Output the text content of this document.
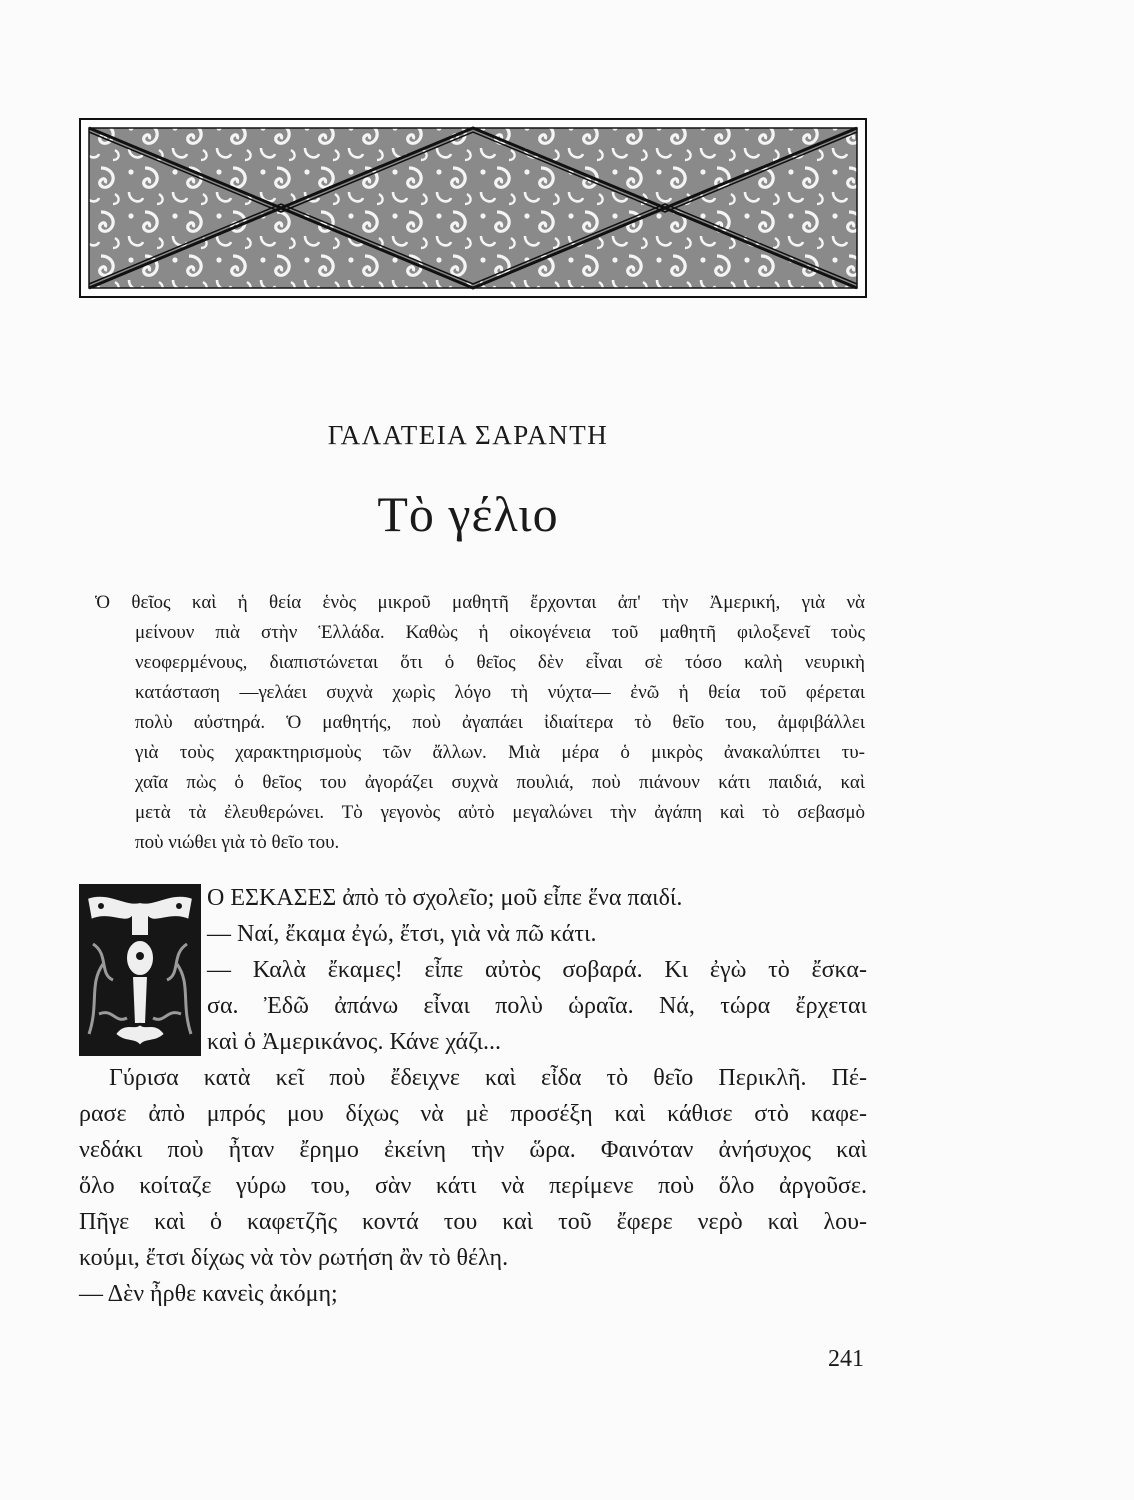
ΓΑΛΑΤΕΙΑ ΣΑΡΑΝΤΗ
Τὸ γέλιο
Ὁ θεῖος καὶ ἡ θεία ἑνὸς μικροῦ μαθητῆ ἔρχονται ἀπ' τὴν Ἀμερική, γιὰ νὰ
μείνουν πιὰ στὴν Ἑλλάδα. Καθὼς ἡ οἰκογένεια τοῦ μαθητῆ φιλοξενεῖ τοὺς
νεοφερμένους, διαπιστώνεται ὅτι ὁ θεῖος δὲν εἶναι σὲ τόσο καλὴ νευρικὴ
κατάσταση —γελάει συχνὰ χωρὶς λόγο τὴ νύχτα— ἐνῶ ἡ θεία τοῦ φέρεται
πολὺ αὐστηρά. Ὁ μαθητής, ποὺ ἀγαπάει ἰδιαίτερα τὸ θεῖο του, ἀμφιβάλλει
γιὰ τοὺς χαρακτηρισμοὺς τῶν ἄλλων. Μιὰ μέρα ὁ μικρὸς ἀνακαλύπτει τυ-
χαῖα πὼς ὁ θεῖος του ἀγοράζει συχνὰ πουλιά, ποὺ πιάνουν κάτι παιδιά, καὶ
μετὰ τὰ ἐλευθερώνει. Τὸ γεγονὸς αὐτὸ μεγαλώνει τὴν ἀγάπη καὶ τὸ σεβασμὸ
ποὺ νιώθει γιὰ τὸ θεῖο του.
Ο ΕΣΚΑΣΕΣ ἀπὸ τὸ σχολεῖο; μοῦ εἶπε ἕνα παιδί.
— Ναί, ἔκαμα ἐγώ, ἔτσι, γιὰ νὰ πῶ κάτι.
— Καλὰ ἔκαμες! εἶπε αὐτὸς σοβαρά. Κι ἐγὼ τὸ ἔσκα-
σα. Ἐδῶ ἀπάνω εἶναι πολὺ ὡραῖα. Νά, τώρα ἔρχεται
καὶ ὁ Ἀμερικάνος. Κάνε χάζι...
Γύρισα κατὰ κεῖ ποὺ ἔδειχνε καὶ εἶδα τὸ θεῖο Περικλῆ. Πέ-
ρασε ἀπὸ μπρός μου δίχως νὰ μὲ προσέξη καὶ κάθισε στὸ καφε-
νεδάκι ποὺ ἦταν ἔρημο ἐκείνη τὴν ὥρα. Φαινόταν ἀνήσυχος καὶ
ὅλο κοίταζε γύρω του, σὰν κάτι νὰ περίμενε ποὺ ὅλο ἀργοῦσε.
Πῆγε καὶ ὁ καφετζῆς κοντά του καὶ τοῦ ἔφερε νερὸ καὶ λου-
κούμι, ἔτσι δίχως νὰ τὸν ρωτήση ἂν τὸ θέλη.
— Δὲν ἦρθε κανεὶς ἀκόμη;
241
